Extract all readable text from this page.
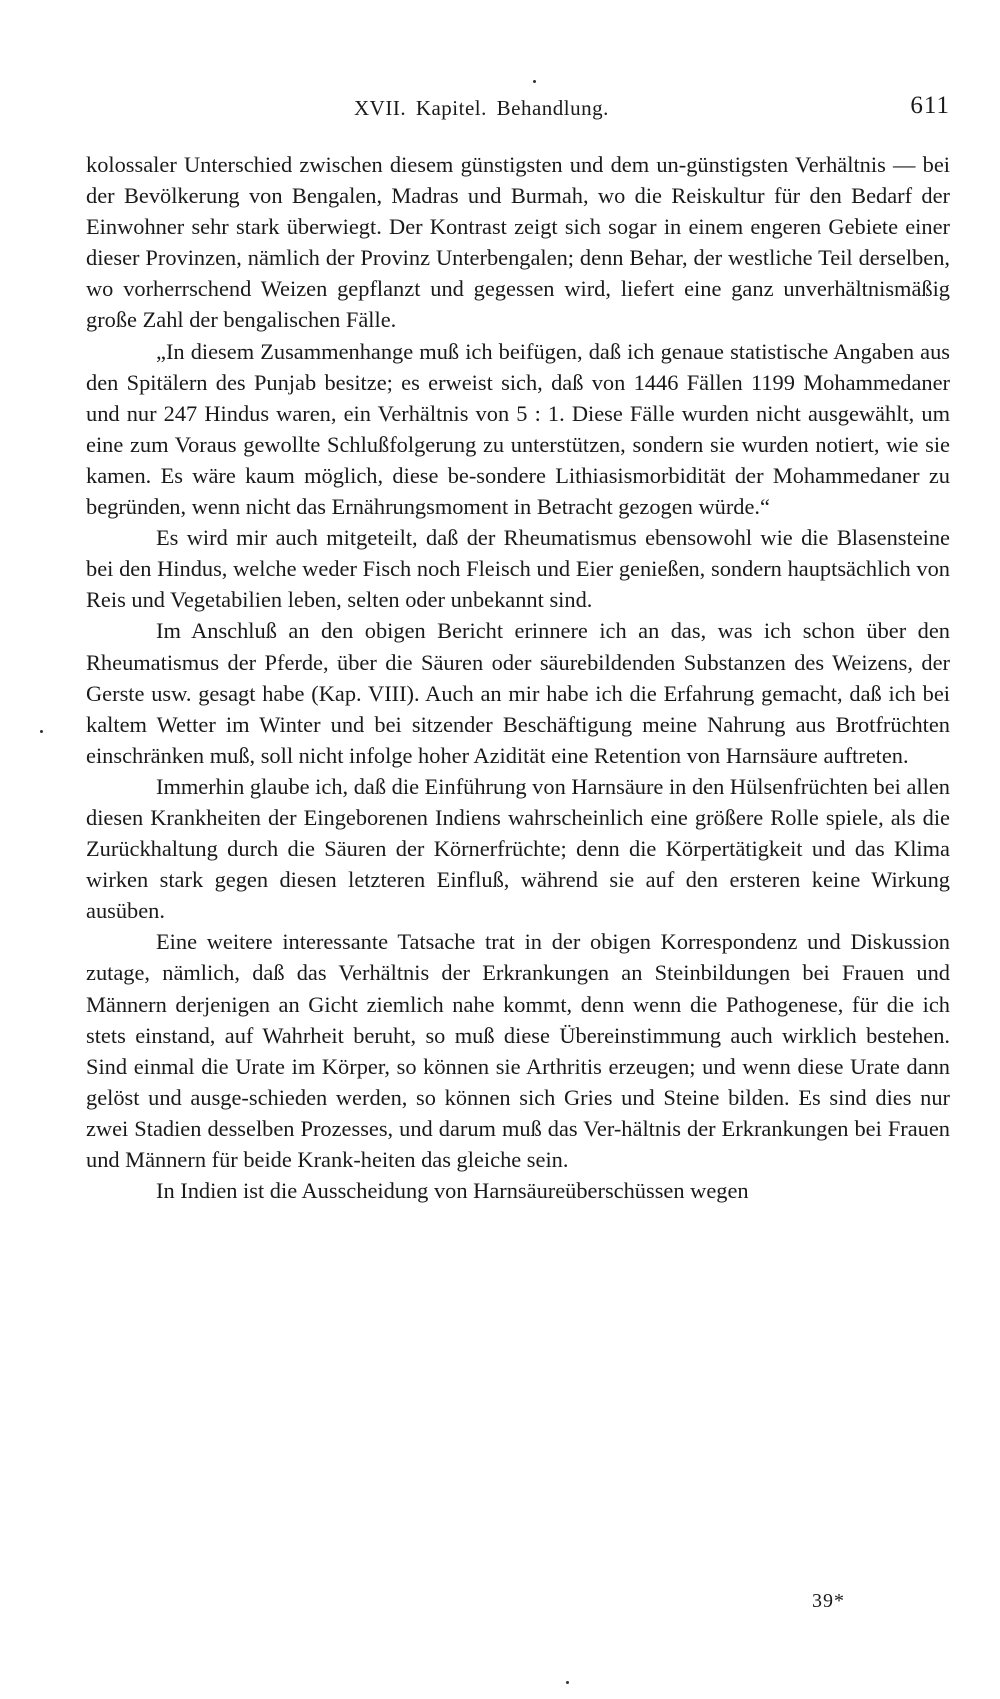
XVII. Kapitel. Behandlung.	611

kolossaler Unterschied zwischen diesem günstigsten und dem un-günstigsten Verhältnis — bei der Bevölkerung von Bengalen, Madras und Burmah, wo die Reiskultur für den Bedarf der Einwohner sehr stark überwiegt. Der Kontrast zeigt sich sogar in einem engeren Gebiete einer dieser Provinzen, nämlich der Provinz Unterbengalen; denn Behar, der westliche Teil derselben, wo vorherrschend Weizen gepflanzt und gegessen wird, liefert eine ganz unverhältnismäßig große Zahl der bengalischen Fälle.

„In diesem Zusammenhange muß ich beifügen, daß ich genaue statistische Angaben aus den Spitälern des Punjab besitze; es erweist sich, daß von 1446 Fällen 1199 Mohammedaner und nur 247 Hindus waren, ein Verhältnis von 5 : 1. Diese Fälle wurden nicht ausgewählt, um eine zum Voraus gewollte Schlußfolgerung zu unterstützen, sondern sie wurden notiert, wie sie kamen. Es wäre kaum möglich, diese be-sondere Lithiasismorbidität der Mohammedaner zu begründen, wenn nicht das Ernährungsmoment in Betracht gezogen würde.“

Es wird mir auch mitgeteilt, daß der Rheumatismus ebensowohl wie die Blasensteine bei den Hindus, welche weder Fisch noch Fleisch und Eier genießen, sondern hauptsächlich von Reis und Vegetabilien leben, selten oder unbekannt sind.

Im Anschluß an den obigen Bericht erinnere ich an das, was ich schon über den Rheumatismus der Pferde, über die Säuren oder säurebildenden Substanzen des Weizens, der Gerste usw. gesagt habe (Kap. VIII). Auch an mir habe ich die Erfahrung gemacht, daß ich bei kaltem Wetter im Winter und bei sitzender Beschäftigung meine Nahrung aus Brotfrüchten einschränken muß, soll nicht infolge hoher Azidität eine Retention von Harnsäure auftreten.

Immerhin glaube ich, daß die Einführung von Harnsäure in den Hülsenfrüchten bei allen diesen Krankheiten der Eingeborenen Indiens wahrscheinlich eine größere Rolle spiele, als die Zurückhaltung durch die Säuren der Körnerfrüchte; denn die Körpertätigkeit und das Klima wirken stark gegen diesen letzteren Einfluß, während sie auf den ersteren keine Wirkung ausüben.

Eine weitere interessante Tatsache trat in der obigen Korrespondenz und Diskussion zutage, nämlich, daß das Verhältnis der Erkrankungen an Steinbildungen bei Frauen und Männern derjenigen an Gicht ziemlich nahe kommt, denn wenn die Pathogenese, für die ich stets einstand, auf Wahrheit beruht, so muß diese Übereinstimmung auch wirklich bestehen. Sind einmal die Urate im Körper, so können sie Arthritis erzeugen; und wenn diese Urate dann gelöst und ausge-schieden werden, so können sich Gries und Steine bilden. Es sind dies nur zwei Stadien desselben Prozesses, und darum muß das Ver-hältnis der Erkrankungen bei Frauen und Männern für beide Krank-heiten das gleiche sein.

In Indien ist die Ausscheidung von Harnsäureüberschüssen wegen

39*
